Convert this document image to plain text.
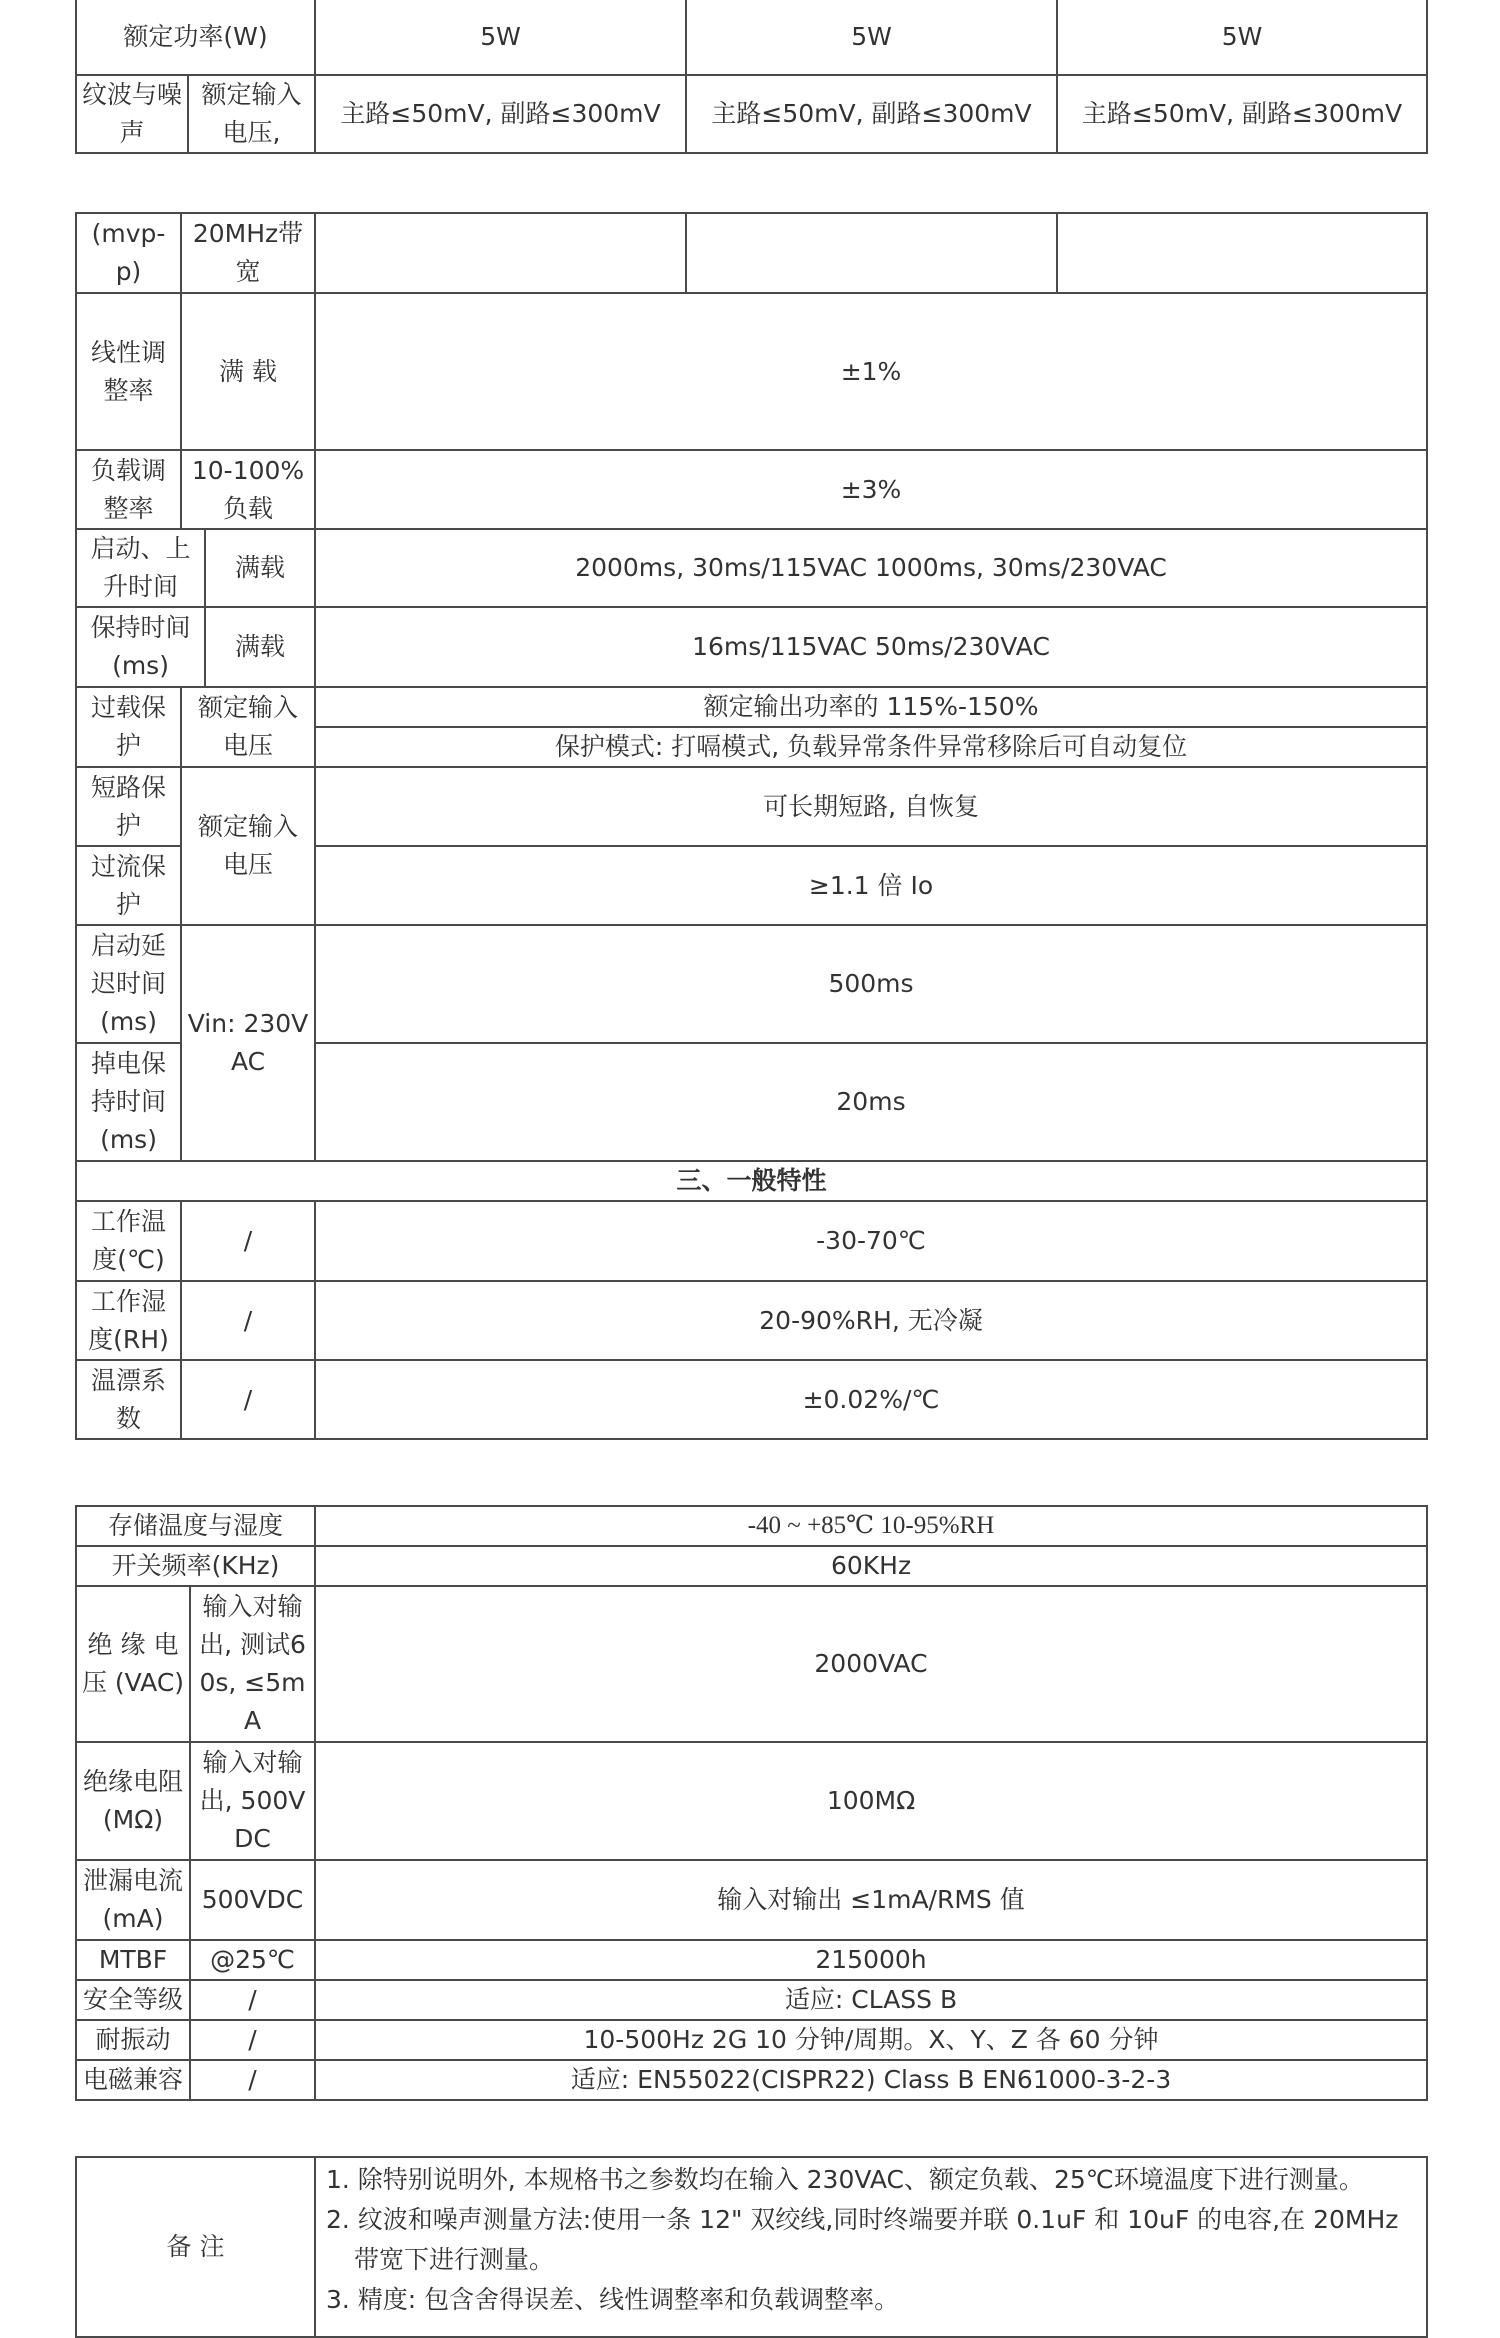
额定功率(W)		5W	5W	5W
纹波与噪声	额定输入电压,	主路≤50mV, 副路≤300mV	主路≤50mV, 副路≤300mV	主路≤50mV, 副路≤300mV
(mvp-p)	20MHz带宽				
线性调整率	满 载		±1%		
负载调整率	10-100%负载		±3%		
启动、上升时间		满载	2000ms, 30ms/115VAC 1000ms, 30ms/230VAC		
保持时间(ms)		满载	16ms/115VAC 50ms/230VAC		
过载保护	额定输入电压		额定输出功率的 115%-150%		
			保护模式: 打嗝模式, 负载异常条件异常移除后可自动复位		
短路保护	额定输入电压		可长期短路, 自恢复		
过流保护			≥1.1 倍 Io		
启动延迟时间(ms)	Vin: 230VAC		500ms		
掉电保持时间(ms)			20ms		
三、一般特性					
工作温度(℃)	/		-30-70℃		
工作湿度(RH)	/		20-90%RH, 无冷凝		
温漂系数	/		±0.02%/℃		
存储温度与湿度		-40 ~ +85℃ 10-95%RH
开关频率(KHz)		60KHz
绝 缘 电 压 (VAC)	输入对输出, 测试60s, ≤5mA	2000VAC
绝缘电阻(MΩ)	输入对输出, 500VDC	100MΩ
泄漏电流(mA)	500VDC	输入对输出 ≤1mA/RMS 值
MTBF	@25℃	215000h
安全等级	/	适应: CLASS B
耐振动	/	10-500Hz 2G 10 分钟/周期。X、Y、Z 各 60 分钟
电磁兼容	/	适应: EN55022(CISPR22) Class B EN61000-3-2-3
备 注	
1. 除特别说明外, 本规格书之参数均在输入 230VAC、额定负载、25℃环境温度下进行测量。
2. 纹波和噪声测量方法:使用一条 12" 双绞线,同时终端要并联 0.1uF 和 10uF 的电容,在 20MHz
带宽下进行测量。
3. 精度: 包含舍得误差、线性调整率和负载调整率。
